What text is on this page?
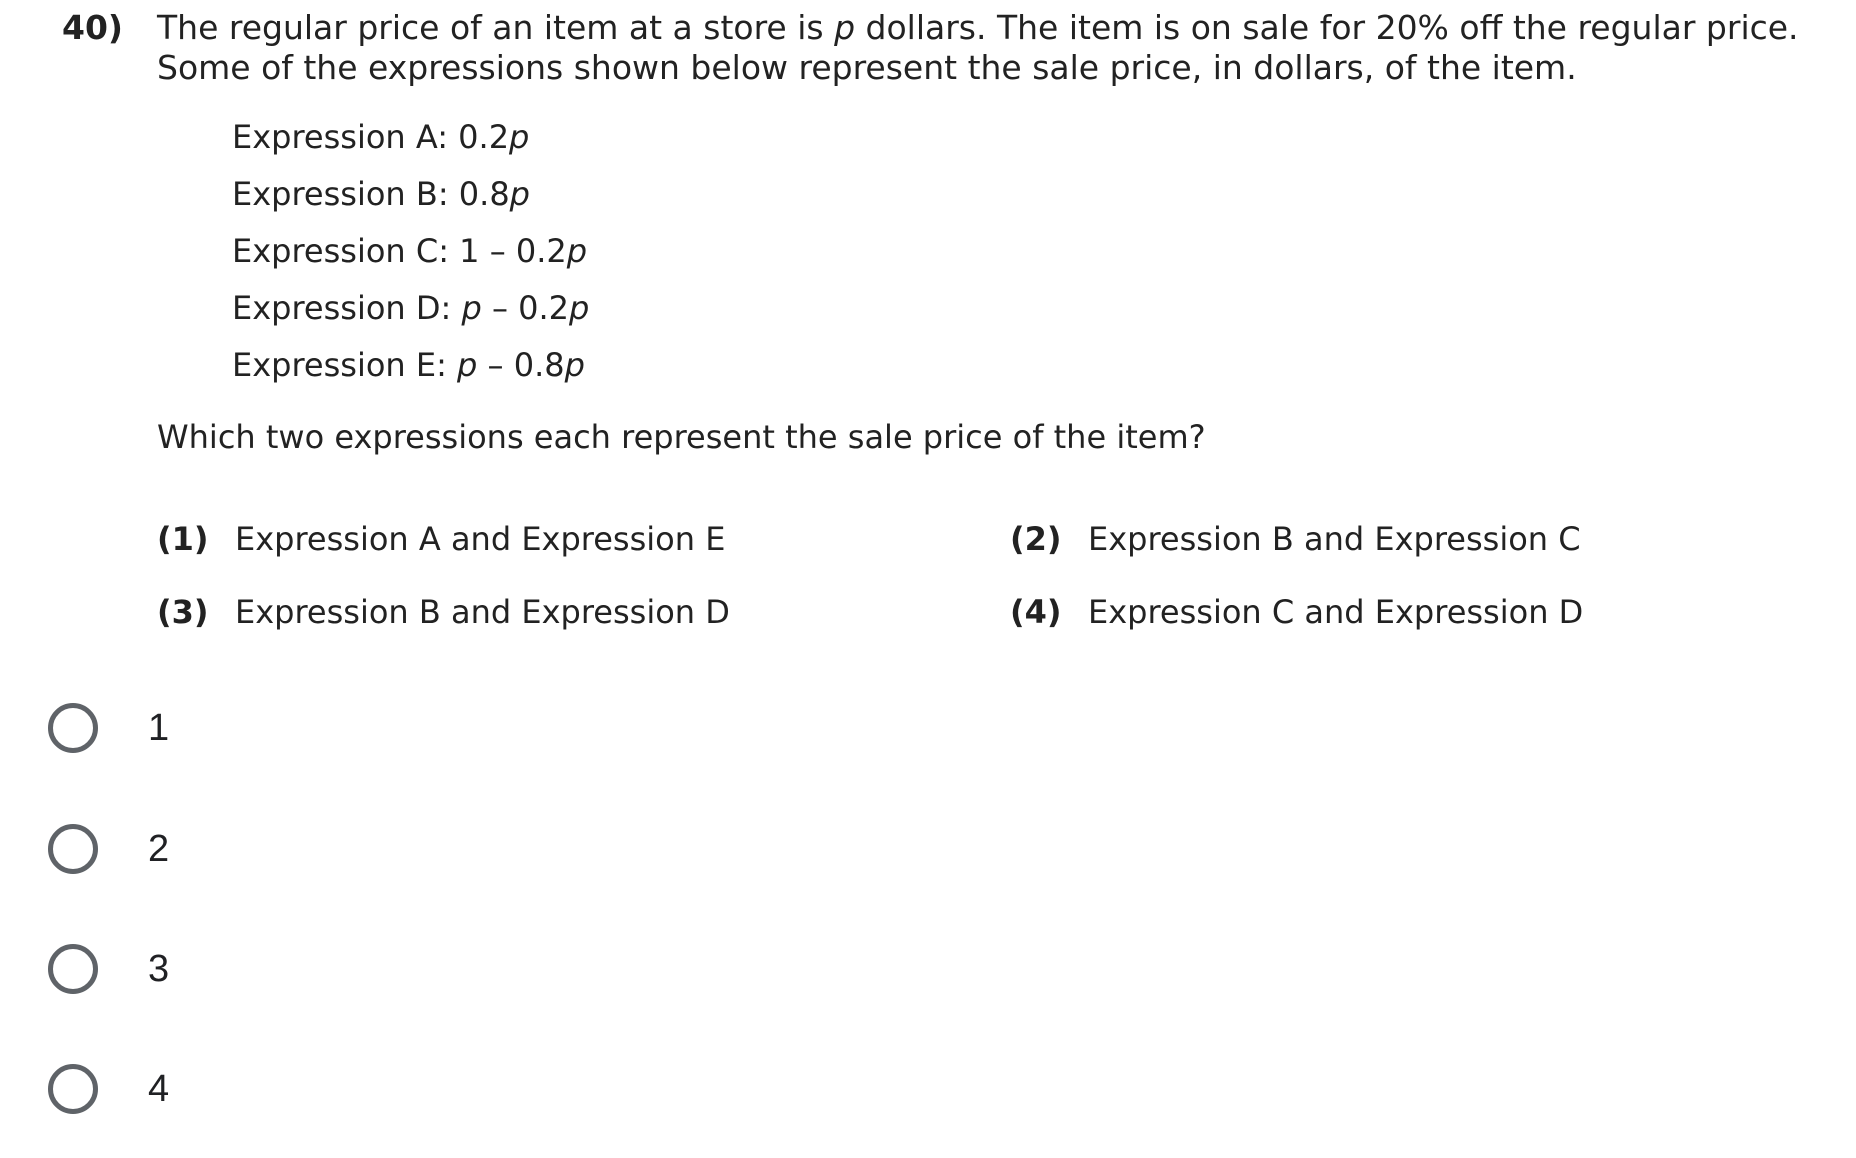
40) The regular price of an item at a store is p dollars. The item is on sale for 20% off the regular price. Some of the expressions shown below represent the sale price, in dollars, of the item.
Expression A: 0.2p
Expression B: 0.8p
Expression C: 1 – 0.2p
Expression D: p – 0.2p
Expression E: p – 0.8p
Which two expressions each represent the sale price of the item?
(1) Expression A and Expression E	(2) Expression B and Expression C
(3) Expression B and Expression D	(4) Expression C and Expression D
1
2
3
4
